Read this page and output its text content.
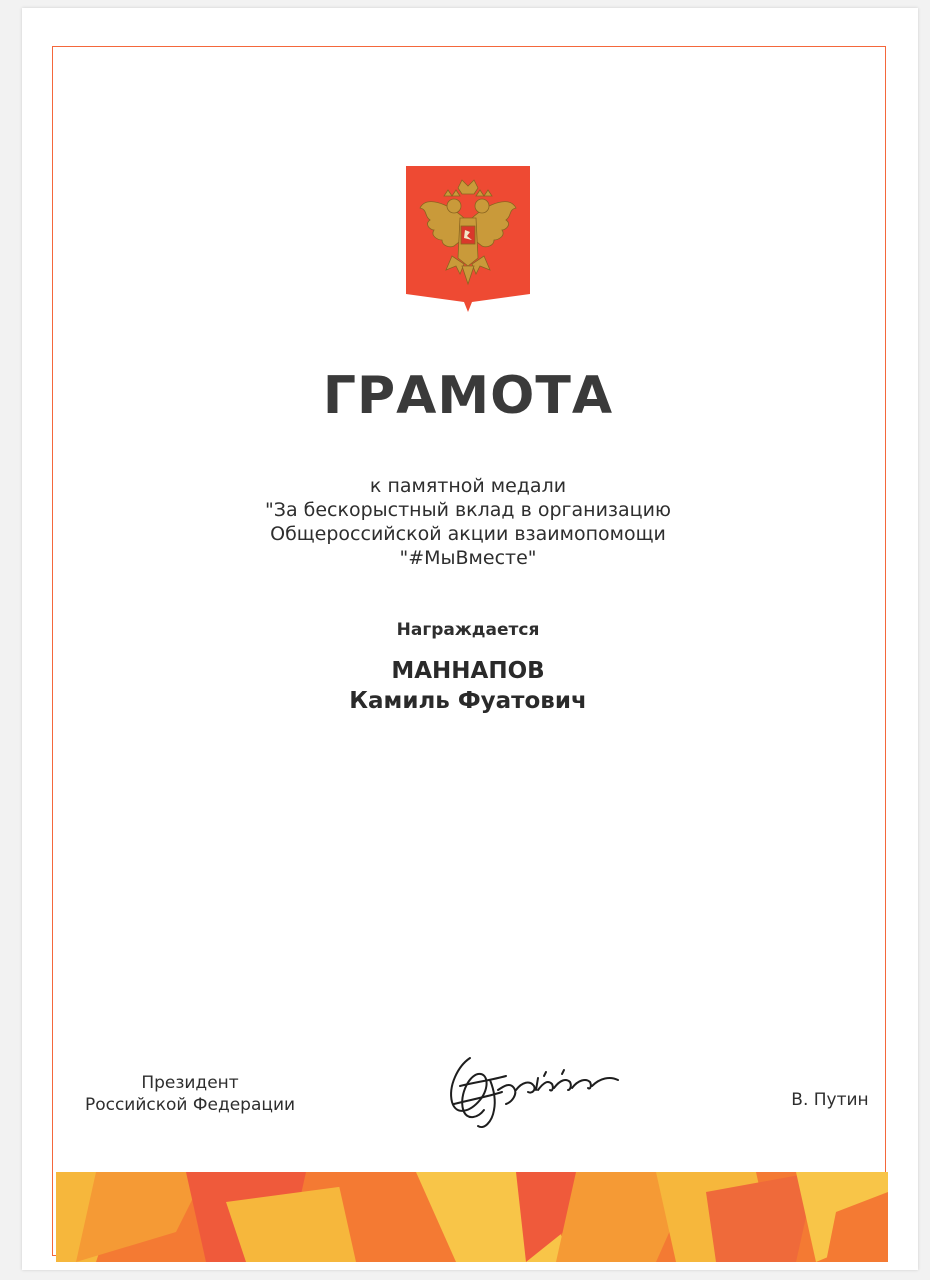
ГРАМОТА
к памятной медали
"За бескорыстный вклад в организацию
Общероссийской акции взаимопомощи
"#МыВместе"
Награждается
МАННАПОВ
Камиль Фуатович
Президент
Российской Федерации	В. Путин
